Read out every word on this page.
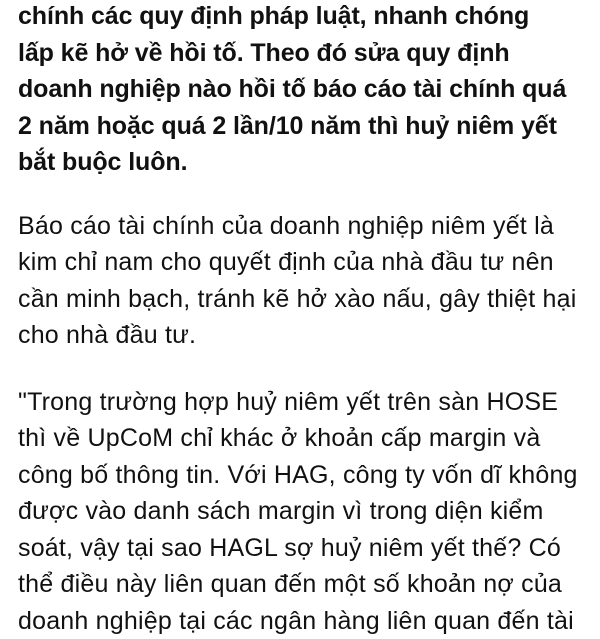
chính các quy định pháp luật, nhanh chóng
lấp kẽ hở về hồi tố. Theo đó sửa quy định
doanh nghiệp nào hồi tố báo cáo tài chính quá
2 năm hoặc quá 2 lần/10 năm thì huỷ niêm yết
bắt buộc luôn.
Báo cáo tài chính của doanh nghiệp niêm yết là
kim chỉ nam cho quyết định của nhà đầu tư nên
cần minh bạch, tránh kẽ hở xào nấu, gây thiệt hại
cho nhà đầu tư.
"Trong trường hợp huỷ niêm yết trên sàn HOSE
thì về UpCoM chỉ khác ở khoản cấp margin và
công bố thông tin. Với HAG, công ty vốn dĩ không
được vào danh sách margin vì trong diện kiểm
soát, vậy tại sao HAGL sợ huỷ niêm yết thế? Có
thể điều này liên quan đến một số khoản nợ của
doanh nghiệp tại các ngân hàng liên quan đến tài
